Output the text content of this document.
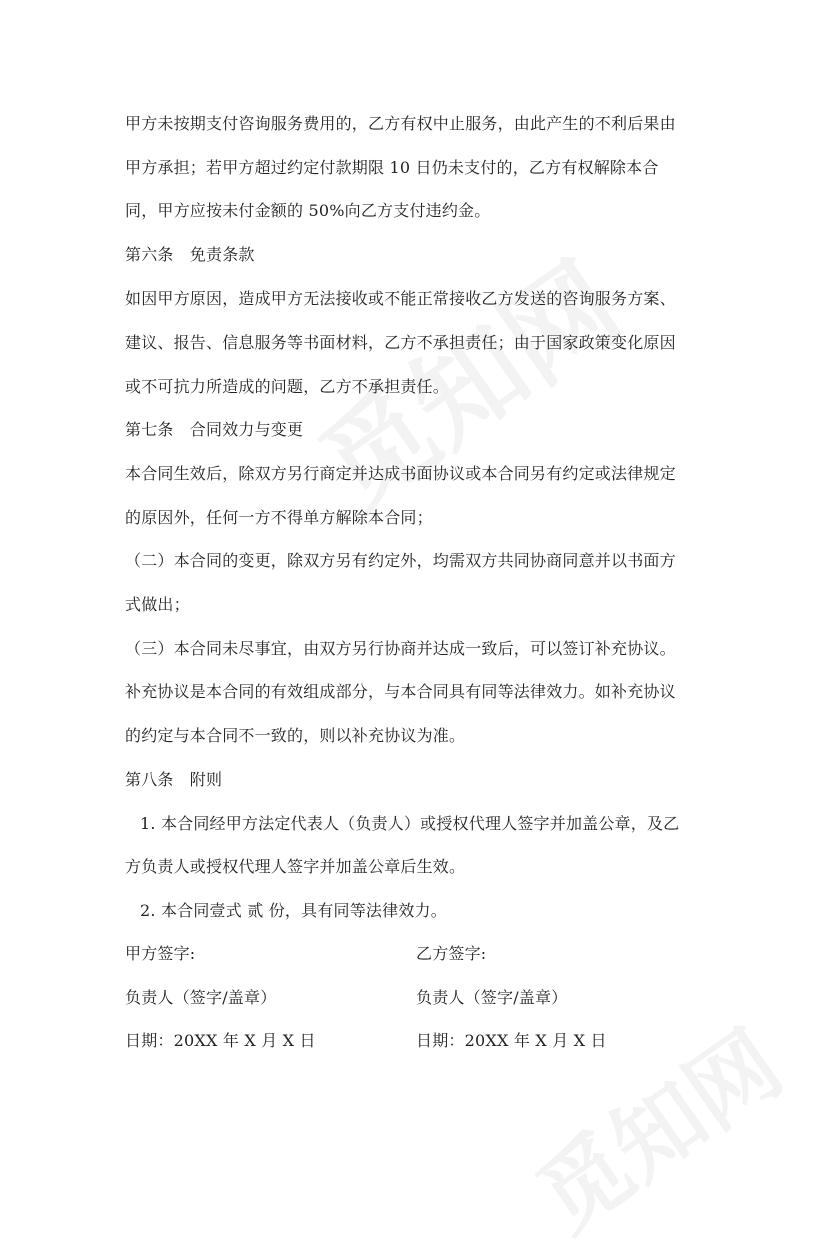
甲方未按期支付咨询服务费用的，乙方有权中止服务，由此产生的不利后果由
甲方承担；若甲方超过约定付款期限 10 日仍未支付的，乙方有权解除本合
同，甲方应按未付金额的 50%向乙方支付违约金。
第六条　免责条款
如因甲方原因，造成甲方无法接收或不能正常接收乙方发送的咨询服务方案、
建议、报告、信息服务等书面材料，乙方不承担责任；由于国家政策变化原因
或不可抗力所造成的问题，乙方不承担责任。
第七条　合同效力与变更
本合同生效后，除双方另行商定并达成书面协议或本合同另有约定或法律规定
的原因外，任何一方不得单方解除本合同；
（二）本合同的变更，除双方另有约定外，均需双方共同协商同意并以书面方
式做出；
（三）本合同未尽事宜，由双方另行协商并达成一致后，可以签订补充协议。
补充协议是本合同的有效组成部分，与本合同具有同等法律效力。如补充协议
的约定与本合同不一致的，则以补充协议为准。
第八条　附则
1. 本合同经甲方法定代表人（负责人）或授权代理人签字并加盖公章，及乙
方负责人或授权代理人签字并加盖公章后生效。
2. 本合同壹式 贰 份，具有同等法律效力。
甲方签字:	乙方签字:
负责人（签字/盖章）	负责人（签字/盖章）
日期：20XX 年 X 月 X 日	日期：20XX 年 X 月 X 日
